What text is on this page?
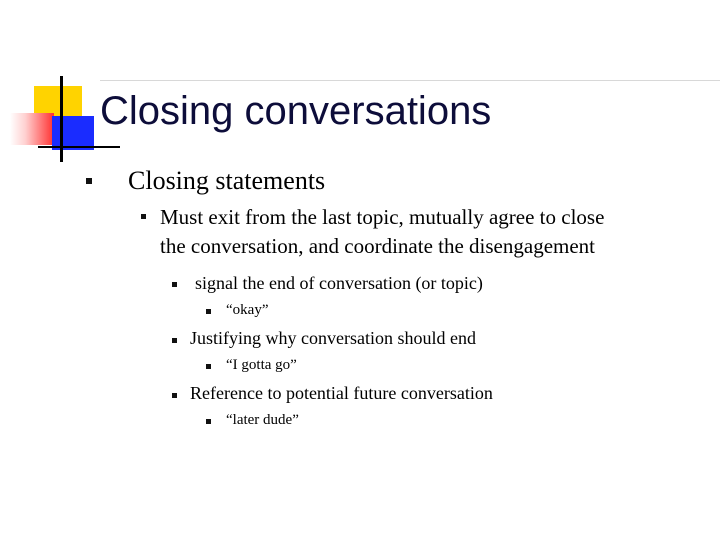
Closing conversations
Closing statements
Must exit from the last topic, mutually agree to close
the conversation, and coordinate the disengagement
signal the end of conversation (or topic)
“okay”
Justifying why conversation should end
“I gotta go”
Reference to potential future conversation
“later dude”
